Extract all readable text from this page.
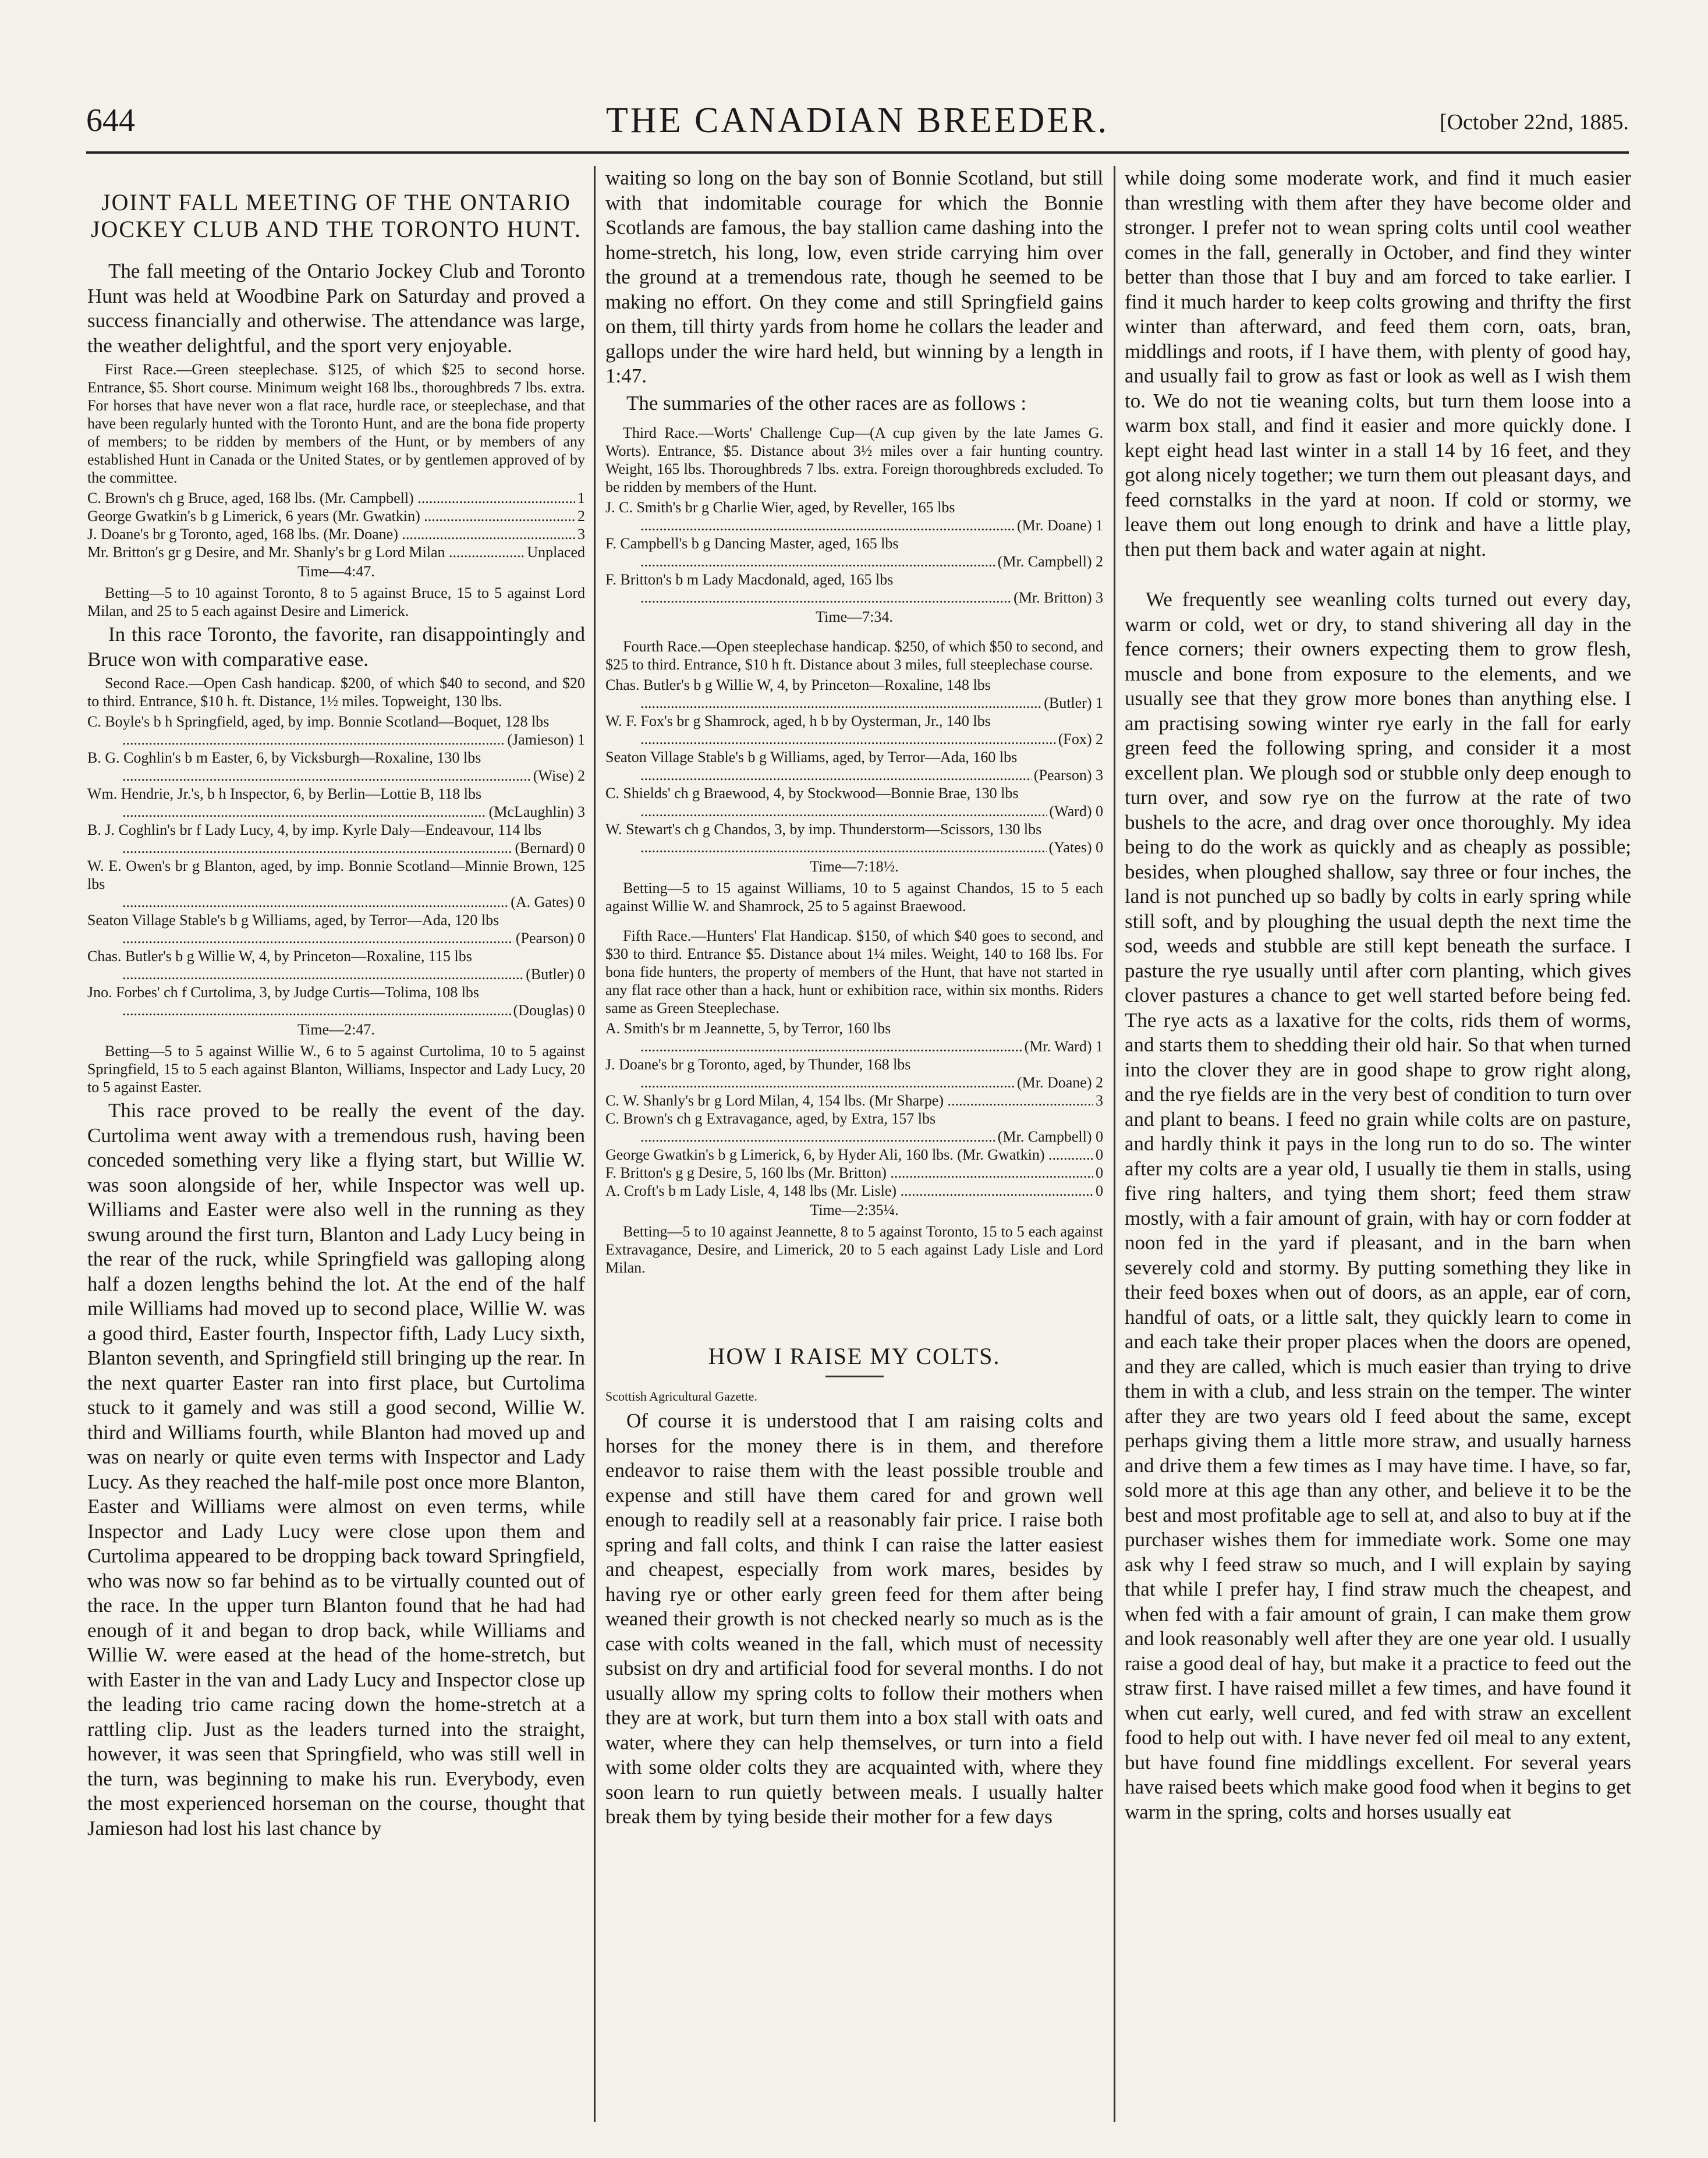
644	THE CANADIAN BREEDER.	[October 22nd, 1885.
JOINT FALL MEETING OF THE ONTARIO JOCKEY CLUB AND THE TORONTO HUNT.

The fall meeting of the Ontario Jockey Club and Toronto Hunt was held at Woodbine Park on Saturday and proved a success financially and otherwise. The attendance was large, the weather delightful, and the sport very enjoyable.

First Race.—Green steeplechase. $125, of which $25 to second horse. Entrance, $5. Short course. Minimum weight 168 lbs., thoroughbreds 7 lbs. extra. For horses that have never won a flat race, hurdle race, or steeplechase, and that have been regularly hunted with the Toronto Hunt, and are the bona fide property of members; to be ridden by members of the Hunt, or by members of any established Hunt in Canada or the United States, or by gentlemen approved of by the committee.

C. Brown's ch g Bruce, aged, 168 lbs. (Mr. Campbell) .....	1
George Gwatkin's b g Limerick, 6 years (Mr. Gwatkin) .....	2
J. Doane's br g Toronto, aged, 168 lbs. (Mr. Doane) .....	3
Mr. Britton's gr g Desire, and Mr. Shanly's br g Lord Milan .....	Unplaced
Time—4:47.

Betting—5 to 10 against Toronto, 8 to 5 against Bruce, 15 to 5 against Lord Milan, and 25 to 5 each against Desire and Limerick.

In this race Toronto, the favorite, ran disappointingly and Bruce won with comparative ease.

Second Race.—Open Cash handicap. $200, of which $40 to second, and $20 to third. Entrance, $10 h. ft. Distance, 1½ miles. Topweight, 130 lbs.

C. Boyle's b h Springfield, aged, by imp. Bonnie Scotland—Boquet, 128 lbs
.....
(Jamieson) 1
B. G. Coghlin's b m Easter, 6, by Vicksburgh—Roxaline, 130 lbs
.....
(Wise) 2
Wm. Hendrie, Jr.'s, b h Inspector, 6, by Berlin—Lottie B, 118 lbs
.....
(McLaughlin) 3
B. J. Coghlin's br f Lady Lucy, 4, by imp. Kyrle Daly—Endeavour, 114 lbs
.....
(Bernard) 0
W. E. Owen's br g Blanton, aged, by imp. Bonnie Scotland—Minnie Brown, 125 lbs
.....
(A. Gates) 0
Seaton Village Stable's b g Williams, aged, by Terror—Ada, 120 lbs
.....
(Pearson) 0
Chas. Butler's b g Willie W, 4, by Princeton—Roxaline, 115 lbs
.....
(Butler) 0
Jno. Forbes' ch f Curtolima, 3, by Judge Curtis—Tolima, 108 lbs
.....
(Douglas) 0
Time—2:47.

Betting—5 to 5 against Willie W., 6 to 5 against Curtolima, 10 to 5 against Springfield, 15 to 5 each against Blanton, Williams, Inspector and Lady Lucy, 20 to 5 against Easter.

This race proved to be really the event of the day. Curtolima went away with a tremendous rush, having been conceded something very like a flying start, but Willie W. was soon alongside of her, while Inspector was well up. Williams and Easter were also well in the running as they swung around the first turn, Blanton and Lady Lucy being in the rear of the ruck, while Springfield was galloping along half a dozen lengths behind the lot. At the end of the half mile Williams had moved up to second place, Willie W. was a good third, Easter fourth, Inspector fifth, Lady Lucy sixth, Blanton seventh, and Springfield still bringing up the rear. In the next quarter Easter ran into first place, but Curtolima stuck to it gamely and was still a good second, Willie W. third and Williams fourth, while Blanton had moved up and was on nearly or quite even terms with Inspector and Lady Lucy. As they reached the half-mile post once more Blanton, Easter and Williams were almost on even terms, while Inspector and Lady Lucy were close upon them and Curtolima appeared to be dropping back toward Springfield, who was now so far behind as to be virtually counted out of the race. In the upper turn Blanton found that he had had enough of it and began to drop back, while Williams and Willie W. were eased at the head of the home-stretch, but with Easter in the van and Lady Lucy and Inspector close up the leading trio came racing down the home-stretch at a rattling clip. Just as the leaders turned into the straight, however, it was seen that Springfield, who was still well in the turn, was beginning to make his run. Everybody, even the most experienced horseman on the course, thought that Jamieson had lost his last chance by

waiting so long on the bay son of Bonnie Scotland, but still with that indomitable courage for which the Bonnie Scotlands are famous, the bay stallion came dashing into the home-stretch, his long, low, even stride carrying him over the ground at a tremendous rate, though he seemed to be making no effort. On they come and still Springfield gains on them, till thirty yards from home he collars the leader and gallops under the wire hard held, but winning by a length in 1:47.

The summaries of the other races are as follows :

Third Race.—Worts' Challenge Cup—(A cup given by the late James G. Worts). Entrance, $5. Distance about 3½ miles over a fair hunting country. Weight, 165 lbs. Thoroughbreds 7 lbs. extra. Foreign thoroughbreds excluded. To be ridden by members of the Hunt.

J. C. Smith's br g Charlie Wier, aged, by Reveller, 165 lbs
.....
(Mr. Doane) 1
F. Campbell's b g Dancing Master, aged, 165 lbs
.....
(Mr. Campbell) 2
F. Britton's b m Lady Macdonald, aged, 165 lbs
.....
(Mr. Britton) 3
Time—7:34.

Fourth Race.—Open steeplechase handicap. $250, of which $50 to second, and $25 to third. Entrance, $10 h ft. Distance about 3 miles, full steeplechase course.

Chas. Butler's b g Willie W, 4, by Princeton—Roxaline, 148 lbs
.....
(Butler) 1
W. F. Fox's br g Shamrock, aged, h b by Oysterman, Jr., 140 lbs
.....
(Fox) 2
Seaton Village Stable's b g Williams, aged, by Terror—Ada, 160 lbs
.....
(Pearson) 3
C. Shields' ch g Braewood, 4, by Stockwood—Bonnie Brae, 130 lbs
.....
(Ward) 0
W. Stewart's ch g Chandos, 3, by imp. Thunderstorm—Scissors, 130 lbs
.....
(Yates) 0
Time—7:18½.

Betting—5 to 15 against Williams, 10 to 5 against Chandos, 15 to 5 each against Willie W. and Shamrock, 25 to 5 against Braewood.

Fifth Race.—Hunters' Flat Handicap. $150, of which $40 goes to second, and $30 to third. Entrance $5. Distance about 1¼ miles. Weight, 140 to 168 lbs. For bona fide hunters, the property of members of the Hunt, that have not started in any flat race other than a hack, hunt or exhibition race, within six months. Riders same as Green Steeplechase.

A. Smith's br m Jeannette, 5, by Terror, 160 lbs
.....
(Mr. Ward) 1
J. Doane's br g Toronto, aged, by Thunder, 168 lbs
.....
(Mr. Doane) 2
C. W. Shanly's br g Lord Milan, 4, 154 lbs. (Mr Sharpe) .....	3
C. Brown's ch g Extravagance, aged, by Extra, 157 lbs
.....
(Mr. Campbell) 0
George Gwatkin's b g Limerick, 6, by Hyder Ali, 160 lbs. (Mr. Gwatkin) .....	0
F. Britton's g g Desire, 5, 160 lbs (Mr. Britton) .....	0
A. Croft's b m Lady Lisle, 4, 148 lbs (Mr. Lisle) .....	0
Time—2:35¼.

Betting—5 to 10 against Jeannette, 8 to 5 against Toronto, 15 to 5 each against Extravagance, Desire, and Limerick, 20 to 5 each against Lady Lisle and Lord Milan.

HOW I RAISE MY COLTS.
Scottish Agricultural Gazette.

Of course it is understood that I am raising colts and horses for the money there is in them, and therefore endeavor to raise them with the least possible trouble and expense and still have them cared for and grown well enough to readily sell at a reasonably fair price. I raise both spring and fall colts, and think I can raise the latter easiest and cheapest, especially from work mares, besides by having rye or other early green feed for them after being weaned their growth is not checked nearly so much as is the case with colts weaned in the fall, which must of necessity subsist on dry and artificial food for several months. I do not usually allow my spring colts to follow their mothers when they are at work, but turn them into a box stall with oats and water, where they can help themselves, or turn into a field with some older colts they are acquainted with, where they soon learn to run quietly between meals. I usually halter break them by tying beside their mother for a few days

while doing some moderate work, and find it much easier than wrestling with them after they have become older and stronger. I prefer not to wean spring colts until cool weather comes in the fall, generally in October, and find they winter better than those that I buy and am forced to take earlier. I find it much harder to keep colts growing and thrifty the first winter than afterward, and feed them corn, oats, bran, middlings and roots, if I have them, with plenty of good hay, and usually fail to grow as fast or look as well as I wish them to. We do not tie weaning colts, but turn them loose into a warm box stall, and find it easier and more quickly done. I kept eight head last winter in a stall 14 by 16 feet, and they got along nicely together; we turn them out pleasant days, and feed cornstalks in the yard at noon. If cold or stormy, we leave them out long enough to drink and have a little play, then put them back and water again at night.

We frequently see weanling colts turned out every day, warm or cold, wet or dry, to stand shivering all day in the fence corners; their owners expecting them to grow flesh, muscle and bone from exposure to the elements, and we usually see that they grow more bones than anything else. I am practising sowing winter rye early in the fall for early green feed the following spring, and consider it a most excellent plan. We plough sod or stubble only deep enough to turn over, and sow rye on the furrow at the rate of two bushels to the acre, and drag over once thoroughly. My idea being to do the work as quickly and as cheaply as possible; besides, when ploughed shallow, say three or four inches, the land is not punched up so badly by colts in early spring while still soft, and by ploughing the usual depth the next time the sod, weeds and stubble are still kept beneath the surface. I pasture the rye usually until after corn planting, which gives clover pastures a chance to get well started before being fed. The rye acts as a laxative for the colts, rids them of worms, and starts them to shedding their old hair. So that when turned into the clover they are in good shape to grow right along, and the rye fields are in the very best of condition to turn over and plant to beans. I feed no grain while colts are on pasture, and hardly think it pays in the long run to do so. The winter after my colts are a year old, I usually tie them in stalls, using five ring halters, and tying them short; feed them straw mostly, with a fair amount of grain, with hay or corn fodder at noon fed in the yard if pleasant, and in the barn when severely cold and stormy. By putting something they like in their feed boxes when out of doors, as an apple, ear of corn, handful of oats, or a little salt, they quickly learn to come in and each take their proper places when the doors are opened, and they are called, which is much easier than trying to drive them in with a club, and less strain on the temper. The winter after they are two years old I feed about the same, except perhaps giving them a little more straw, and usually harness and drive them a few times as I may have time. I have, so far, sold more at this age than any other, and believe it to be the best and most profitable age to sell at, and also to buy at if the purchaser wishes them for immediate work. Some one may ask why I feed straw so much, and I will explain by saying that while I prefer hay, I find straw much the cheapest, and when fed with a fair amount of grain, I can make them grow and look reasonably well after they are one year old. I usually raise a good deal of hay, but make it a practice to feed out the straw first. I have raised millet a few times, and have found it when cut early, well cured, and fed with straw an excellent food to help out with. I have never fed oil meal to any extent, but have found fine middlings excellent. For several years have raised beets which make good food when it begins to get warm in the spring, colts and horses usually eat
